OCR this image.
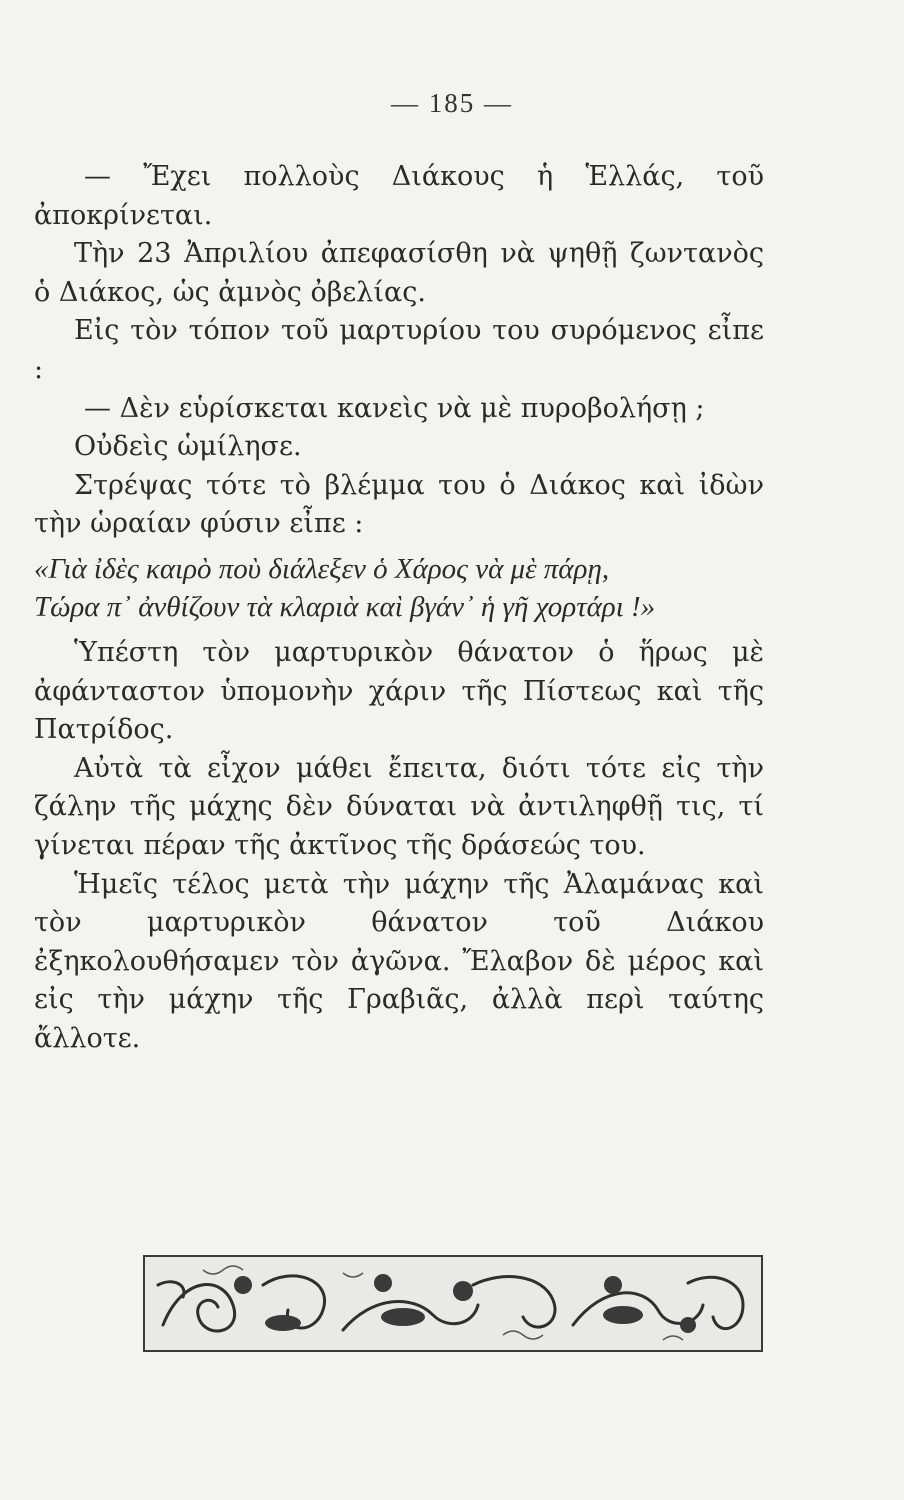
— 185 —

— Ἔχει πολλοὺς Διάκους ἡ Ἑλλάς, τοῦ ἀποκρίνεται.

Τὴν 23 Ἀπριλίου ἀπεφασίσθη νὰ ψηθῇ ζωντανὸς ὁ Διάκος, ὡς ἀμνὸς ὀβελίας.

Εἰς τὸν τόπον τοῦ μαρτυρίου του συρόμενος εἶπε :

— Δὲν εὑρίσκεται κανεὶς νὰ μὲ πυροβολήσῃ ;

Οὐδεὶς ὡμίλησε.

Στρέψας τότε τὸ βλέμμα του ὁ Διάκος καὶ ἰδὼν τὴν ὡραίαν φύσιν εἶπε :

«Γιὰ ἰδὲς καιρὸ ποὺ διάλεξεν ὁ Χάρος νὰ μὲ πάρῃ,
Τώρα π᾽ ἀνθίζουν τὰ κλαριὰ καὶ βγάν᾽ ἡ γῆ χορτάρι !»

Ὑπέστη τὸν μαρτυρικὸν θάνατον ὁ ἥρως μὲ ἀφάνταστον ὑπομονὴν χάριν τῆς Πίστεως καὶ τῆς Πατρίδος.

Αὐτὰ τὰ εἶχον μάθει ἔπειτα, διότι τότε εἰς τὴν ζάλην τῆς μάχης δὲν δύναται νὰ ἀντιληφθῇ τις, τί γίνεται πέραν τῆς ἀκτῖνος τῆς δράσεώς του.

Ἡμεῖς τέλος μετὰ τὴν μάχην τῆς Ἀλαμάνας καὶ τὸν μαρτυρικὸν θάνατον τοῦ Διάκου ἐξηκολουθήσαμεν τὸν ἀγῶνα. Ἔλαβον δὲ μέρος καὶ εἰς τὴν μάχην τῆς Γραβιᾶς, ἀλλὰ περὶ ταύτης ἄλλοτε.
